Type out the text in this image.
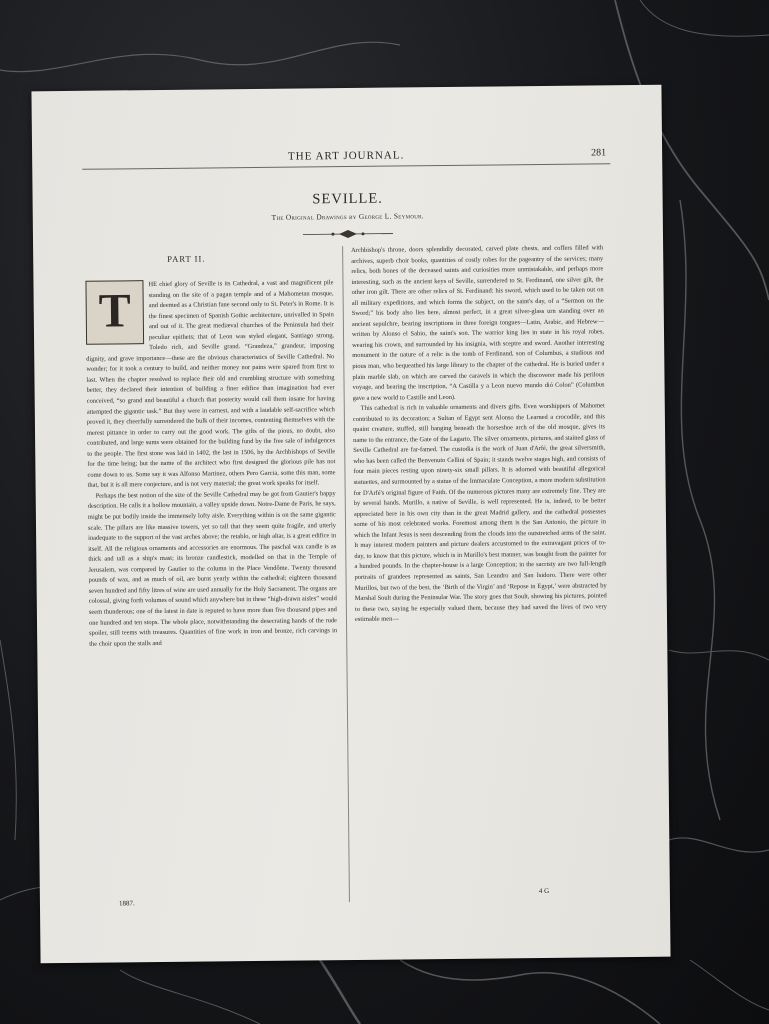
THE ART JOURNAL.	281
SEVILLE.
The Original Drawings by George L. Seymour.
PART II.
T

HE chief glory of Seville is its Cathedral, a vast and magnificent pile standing on the site of a pagan temple and of a Mahometan mosque, and deemed as a Christian fane second only to St. Peter's in Rome. It is the finest specimen of Spanish Gothic architecture, unrivalled in Spain and out of it. The great mediæval churches of the Peninsula had their peculiar epithets; that of Leon was styled elegant, Santiago strong, Toledo rich, and Seville grand. “Grandeza,” grandeur, imposing dignity, and grave importance—these are the obvious characteristics of Seville Cathedral. No wonder; for it took a century to build, and neither money nor pains were spared from first to last. When the chapter resolved to replace their old and crumbling structure with something better, they declared their intention of building a finer edifice than imagination had ever conceived, “so grand and beautiful a church that posterity would call them insane for having attempted the gigantic task.” But they were in earnest, and with a laudable self-sacrifice which proved it, they cheerfully surrendered the bulk of their incomes, contenting themselves with the merest pittance in order to carry out the good work. The gifts of the pious, no doubt, also contributed, and large sums were obtained for the building fund by the free sale of indulgences to the people. The first stone was laid in 1402, the last in 1506, by the Archbishops of Seville for the time being; but the name of the architect who first designed the glorious pile has not come down to us. Some say it was Alfonso Martinez, others Pero Garcia, some this man, some that, but it is all mere conjecture, and is not very material; the great work speaks for itself.

Perhaps the best notion of the size of the Seville Cathedral may be got from Gautier's happy description. He calls it a hollow mountain, a valley upside down. Notre-Dame de Paris, he says, might be put bodily inside the immensely lofty aisle. Everything within is on the same gigantic scale. The pillars are like massive towers, yet so tall that they seem quite fragile, and utterly inadequate to the support of the vast arches above; the retablo, or high altar, is a great edifice in itself. All the religious ornaments and accessories are enormous. The paschal wax candle is as thick and tall as a ship's mast; its bronze candlestick, modelled on that in the Temple of Jerusalem, was compared by Gautier to the column in the Place Vendôme. Twenty thousand pounds of wax, and as much of oil, are burnt yearly within the cathedral; eighteen thousand seven hundred and fifty litres of wine are used annually for the Holy Sacrament. The organs are colossal, giving forth volumes of sound which anywhere but in these “high-drawn aisles” would seem thunderous; one of the latest in date is reputed to have more than five thousand pipes and one hundred and ten stops. The whole place, notwithstanding the desecrating hands of the rude spoiler, still teems with treasures. Quantities of fine work in iron and bronze, rich carvings in the choir upon the stalls and

Archbishop's throne, doors splendidly decorated, carved plate chests, and coffers filled with archives, superb choir books, quantities of costly robes for the pageantry of the services; many relics, both bones of the deceased saints and curiosities more unmistakable, and perhaps more interesting, such as the ancient keys of Seville, surrendered to St. Ferdinand, one silver gilt, the other iron gilt. There are other relics of St. Ferdinand: his sword, which used to be taken out on all military expeditions, and which forms the subject, on the saint's day, of a “Sermon on the Sword;” his body also lies here, almost perfect, in a great silver-glass urn standing over an ancient sepulchre, bearing inscriptions in three foreign tongues—Latin, Arabic, and Hebrew—written by Alonso el Sabio, the saint's son. The warrior king lies in state in his royal robes, wearing his crown, and surrounded by his insignia, with sceptre and sword. Another interesting monument in the nature of a relic is the tomb of Ferdinand, son of Columbus, a studious and pious man, who bequeathed his large library to the chapter of the cathedral. He is buried under a plain marble slab, on which are carved the caravels in which the discoverer made his perilous voyage, and bearing the inscription, “A Castilla y a Leon nuevo mundo dió Colon” (Columbus gave a new world to Castille and Leon).

This cathedral is rich in valuable ornaments and divers gifts. Even worshippers of Mahomet contributed to its decoration; a Sultan of Egypt sent Alonso the Learned a crocodile, and this quaint creature, stuffed, still hanging beneath the horseshoe arch of the old mosque, gives its name to the entrance, the Gate of the Lagarto. The silver ornaments, pictures, and stained glass of Seville Cathedral are far-famed. The custodia is the work of Juan d'Arfé, the great silversmith, who has been called the Benvenuto Cellini of Spain; it stands twelve stages high, and consists of four main pieces resting upon ninety-six small pillars. It is adorned with beautiful allegorical statuettes, and surmounted by a statue of the Immaculate Conception, a more modern substitution for D'Arfé's original figure of Faith. Of the numerous pictures many are extremely fine. They are by several hands. Murillo, a native of Seville, is well represented. He is, indeed, to be better appreciated here in his own city than in the great Madrid gallery, and the cathedral possesses some of his most celebrated works. Foremost among them is the San Antonio, the picture in which the Infant Jesus is seen descending from the clouds into the outstretched arms of the saint. It may interest modern painters and picture dealers accustomed to the extravagant prices of to-day, to know that this picture, which is in Murillo's best manner, was bought from the painter for a hundred pounds. In the chapter-house is a large Conception; in the sacristy are two full-length portraits of grandees represented as saints, San Leandro and San Isidoro. There were other Murillos, but two of the best, the ‘Birth of the Virgin’ and ‘Repose in Egypt,’ were abstracted by Marshal Soult during the Peninsular War. The story goes that Soult, showing his pictures, pointed to these two, saying he especially valued them, because they had saved the lives of two very estimable men—

1887.
4 G
